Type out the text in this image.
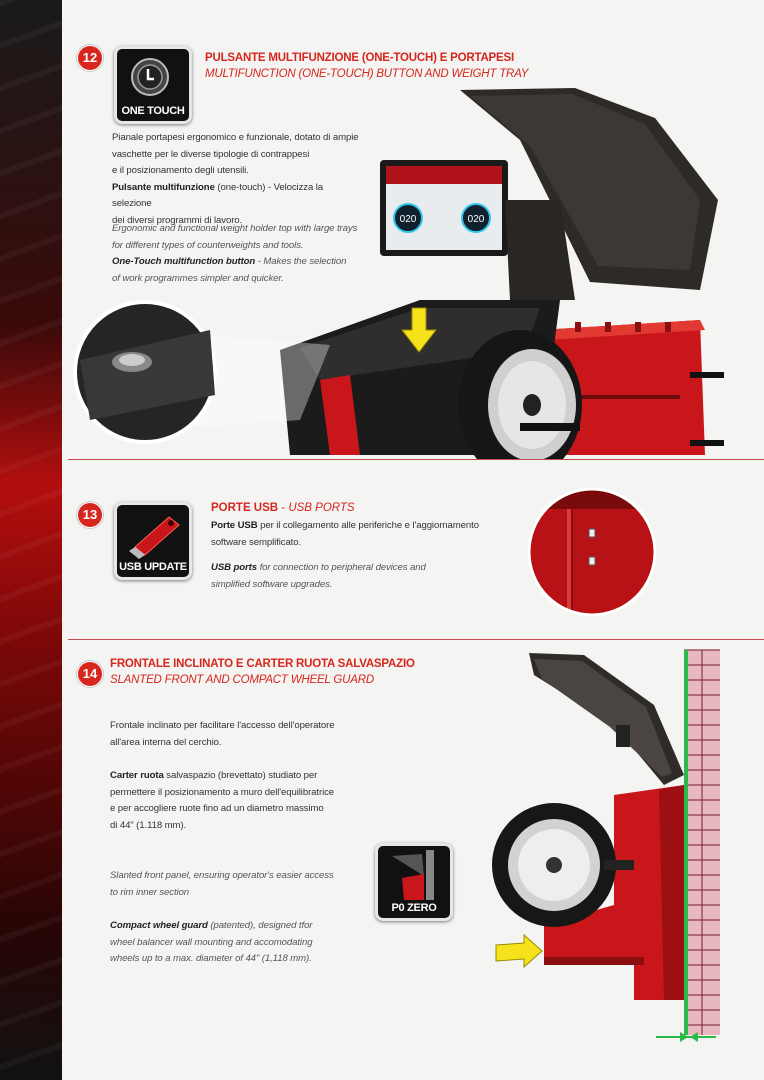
12
ONE TOUCH
PULSANTE MULTIFUNZIONE (ONE-TOUCH) E PORTAPESI
MULTIFUNCTION (ONE-TOUCH) BUTTON AND WEIGHT TRAY

Pianale portapesi ergonomico e funzionale, dotato di ampie
vaschette per le diverse tipologie di contrappesi
e il posizionamento degli utensili.
Pulsante multifunzione (one-touch) - Velocizza la selezione
dei diversi programmi di lavoro.

Ergonomic and functional weight holder top with large trays
for different types of counterweights and tools.
One-Touch multifunction button - Makes the selection
of work programmes simpler and quicker.

020	020
13
USB UPDATE
PORTE USB - USB PORTS

Porte USB per il collegamento alle periferiche e l'aggiornamento
software semplificato.

USB ports for connection to peripheral devices and
simplified software upgrades.

14
FRONTALE INCLINATO E CARTER RUOTA SALVASPAZIO
SLANTED FRONT AND COMPACT WHEEL GUARD

Frontale inclinato per facilitare l'accesso dell'operatore
all'area interna del cerchio.

Carter ruota salvaspazio (brevettato) studiato per
permettere il posizionamento a muro dell'equilibratrice
e per accogliere ruote fino ad un diametro massimo
di 44" (1.118 mm).

Slanted front panel, ensuring operator's easier access
to rim inner section

Compact wheel guard (patented), designed tfor
wheel balancer wall mounting and accomodating
wheels up to a max. diameter of 44" (1,118 mm).

P0 ZERO
